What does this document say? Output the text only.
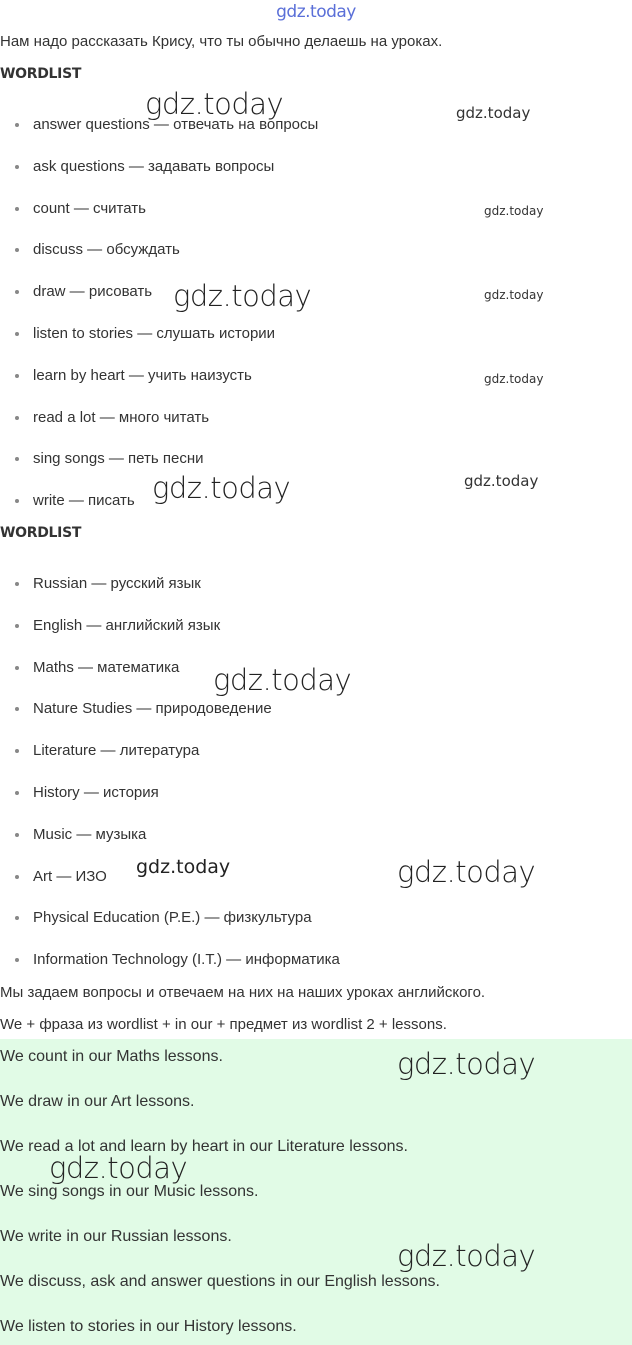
gdz.today
Нам надо рассказать Крису, что ты обычно делаешь на уроках.
WORDLIST
answer questions — отвечать на вопросы
ask questions — задавать вопросы
count — считать
discuss — обсуждать
draw — рисовать
listen to stories — слушать истории
learn by heart — учить наизусть
read a lot — много читать
sing songs — петь песни
write — писать
WORDLIST
Russian — русский язык
English — английский язык
Maths — математика
Nature Studies — природоведение
Literature — литература
History — история
Music — музыка
Art — ИЗО
Physical Education (P.E.) — физкультура
Information Technology (I.T.) — информатика
Мы задаем вопросы и отвечаем на них на наших уроках английского.
We + фраза из wordlist + in our + предмет из wordlist 2 + lessons.
We count in our Maths lessons.
We draw in our Art lessons.
We read a lot and learn by heart in our Literature lessons.
We sing songs in our Music lessons.
We write in our Russian lessons.
We discuss, ask and answer questions in our English lessons.
We listen to stories in our History lessons.
gdz.today	gdz.today
gdz.today
gdz.today	gdz.today
gdz.today
gdz.today
gdz.today
gdz.today
gdz.today	gdz.today
gdz.today
gdz.today
gdz.today
